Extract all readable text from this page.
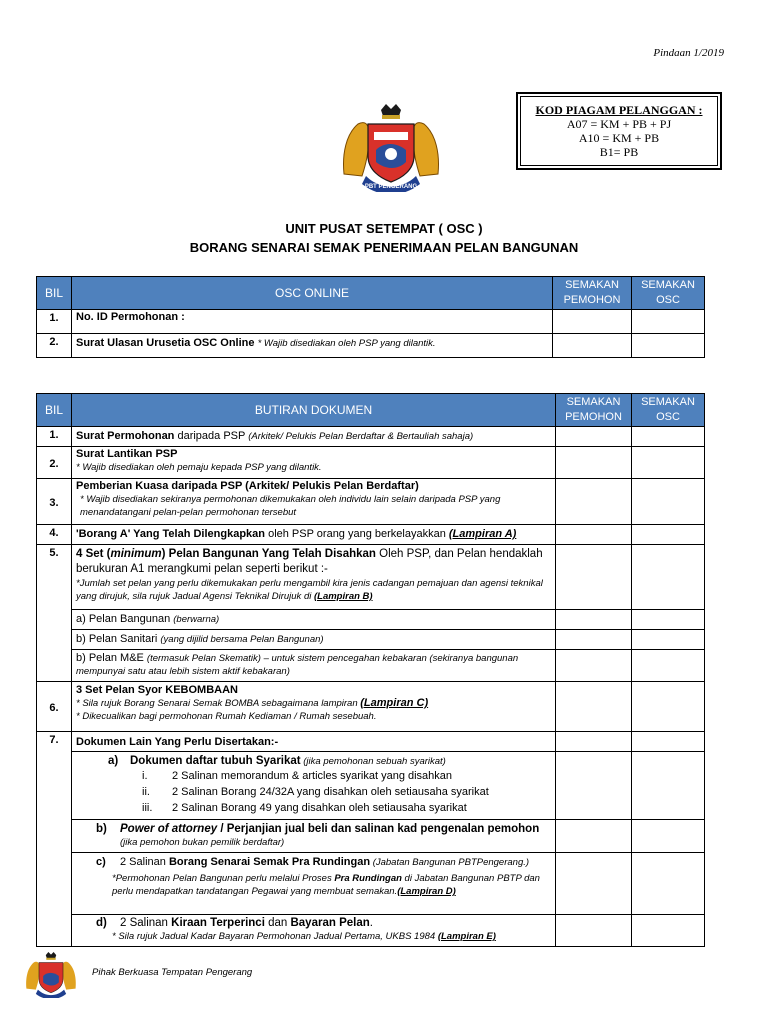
Pindaan 1/2019
KOD PIAGAM PELANGGAN :
A07 = KM + PB + PJ
A10 = KM + PB
B1= PB
PBT PENGERANG
UNIT PUSAT SETEMPAT ( OSC )
BORANG SENARAI SEMAK PENERIMAAN PELAN BANGUNAN
BIL	OSC ONLINE	SEMAKAN PEMOHON	SEMAKAN OSC
1.	No. ID Permohonan :		
2.	Surat Ulasan Urusetia OSC Online * Wajib disediakan oleh PSP yang dilantik.		
BIL	BUTIRAN DOKUMEN	SEMAKAN PEMOHON	SEMAKAN OSC
1.	Surat Permohonan daripada PSP (Arkitek/ Pelukis Pelan Berdaftar & Bertauliah sahaja)		
2.	Surat Lantikan PSP
* Wajib disediakan oleh pemaju kepada PSP yang dilantik.		

3.	Pemberian Kuasa daripada PSP (Arkitek/ Pelukis Pelan Berdaftar)
* Wajib disediakan sekiranya permohonan dikemukakan oleh individu lain selain daripada PSP yang menandatangani pelan-pelan permohonan tersebut		

4.	'Borang A' Yang Telah Dilengkapkan oleh PSP orang yang berkelayakkan (Lampiran A)		
5.	4 Set (minimum) Pelan Bangunan Yang Telah Disahkan Oleh PSP, dan Pelan hendaklah berukuran A1 merangkumi pelan seperti berikut :-
*Jumlah set pelan yang perlu dikemukakan perlu mengambil kira jenis cadangan pemajuan dan agensi teknikal yang dirujuk, sila rujuk Jadual Agensi Teknikal Dirujuk di (Lampiran B)		

	a) Pelan Bangunan (berwarna)		
	b) Pelan Sanitari (yang dijilid bersama Pelan Bangunan)		
	b) Pelan M&E (termasuk Pelan Skematik) – untuk sistem pencegahan kebakaran (sekiranya bangunan mempunyai satu atau lebih sistem aktif kebakaran)		
6.	3 Set Pelan Syor KEBOMBAAN
* Sila rujuk Borang Senarai Semak BOMBA sebagaimana lampiran (Lampiran C)
* Dikecualikan bagi permohonan Rumah Kediaman / Rumah sesebuah.		

7.	Dokumen Lain Yang Perlu Disertakan:-		

	a) Dokumen daftar tubuh Syarikat (jika pemohonan sebuah syarikat)
i. 2 Salinan memorandum & articles syarikat yang disahkan
ii. 2 Salinan Borang 24/32A yang disahkan oleh setiausaha syarikat
iii. 2 Salinan Borang 49 yang disahkan oleh setiausaha syarikat		

	b) Power of attorney / Perjanjian jual beli dan salinan kad pengenalan pemohon
(jika pemohon bukan pemilik berdaftar)		

	c) 2 Salinan Borang Senarai Semak Pra Rundingan (Jabatan Bangunan PBTPengerang.)
*Permohonan Pelan Bangunan perlu melalui Proses Pra Rundingan di Jabatan Bangunan PBTP dan perlu mendapatkan tandatangan Pegawai yang membuat semakan.(Lampiran D)		

	d) 2 Salinan Kiraan Terperinci dan Bayaran Pelan.
* Sila rujuk Jadual Kadar Bayaran Permohonan Jadual Pertama, UKBS 1984 (Lampiran E)		

Pihak Berkuasa Tempatan Pengerang
